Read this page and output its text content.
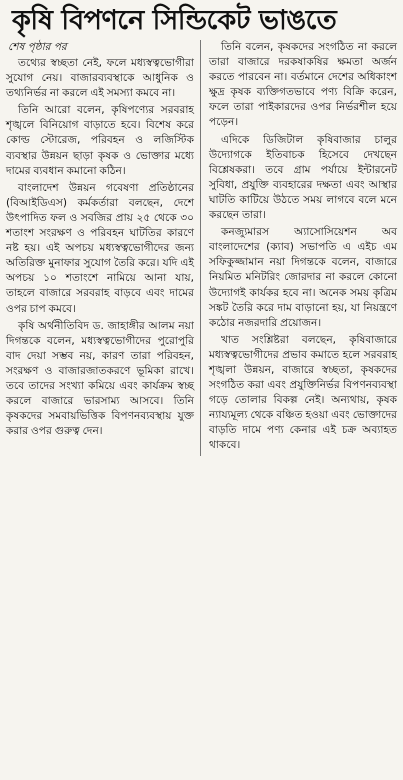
কৃষি বিপণনে সিন্ডিকেট ভাঙতে
শেষ পৃষ্ঠার পর

তথ্যের স্বচ্ছতা নেই, ফলে মধ্যস্বত্বভোগীরা সুযোগ নেয়। বাজারব্যবস্থাকে আধুনিক ও তথ্যনির্ভর না করলে এই সমস্যা কমবে না।

তিনি আরো বলেন, কৃষিপণ্যের সরবরাহ শৃঙ্খলে বিনিয়োগ বাড়াতে হবে। বিশেষ করে কোল্ড স্টোরেজ, পরিবহন ও লজিস্টিক ব্যবস্থার উন্নয়ন ছাড়া কৃষক ও ভোক্তার মধ্যে দামের ব্যবধান কমানো কঠিন।

বাংলাদেশ উন্নয়ন গবেষণা প্রতিষ্ঠানের (বিআইডিএস) কর্মকর্তারা বলছেন, দেশে উৎপাদিত ফল ও সবজির প্রায় ২৫ থেকে ৩০ শতাংশ সংরক্ষণ ও পরিবহন ঘাটতির কারণে নষ্ট হয়। এই অপচয় মধ্যস্বত্বভোগীদের জন্য অতিরিক্ত মুনাফার সুযোগ তৈরি করে। যদি এই অপচয় ১০ শতাংশে নামিয়ে আনা যায়, তাহলে বাজারে সরবরাহ বাড়বে এবং দামের ওপর চাপ কমবে।

কৃষি অর্থনীতিবিদ ড. জাহাঙ্গীর আলম নয়া দিগন্তকে বলেন, মধ্যস্বত্বভোগীদের পুরোপুরি বাদ দেয়া সম্ভব নয়, কারণ তারা পরিবহন, সংরক্ষণ ও বাজারজাতকরণে ভূমিকা রাখে। তবে তাদের সংখ্যা কমিয়ে এবং কার্যক্রম স্বচ্ছ করলে বাজারে ভারসাম্য আসবে। তিনি কৃষকদের সমবায়ভিত্তিক বিপণনব্যবস্থায় যুক্ত করার ওপর গুরুত্ব দেন।

তিনি বলেন, কৃষকদের সংগঠিত না করলে তারা বাজারে দরকষাকষির ক্ষমতা অর্জন করতে পারবেন না। বর্তমানে দেশের অধিকাংশ ক্ষুদ্র কৃষক ব্যক্তিগতভাবে পণ্য বিক্রি করেন, ফলে তারা পাইকারদের ওপর নির্ভরশীল হয়ে পড়েন।

এদিকে ডিজিটাল কৃষিবাজার চালুর উদ্যোগকে ইতিবাচক হিসেবে দেখছেন বিশ্লেষকরা। তবে গ্রাম পর্যায়ে ইন্টারনেট সুবিধা, প্রযুক্তি ব্যবহারের দক্ষতা এবং আস্থার ঘাটতি কাটিয়ে উঠতে সময় লাগবে বলে মনে করছেন তারা।

কনজ্যুমারস অ্যাসোসিয়েশন অব বাংলাদেশের (ক্যাব) সভাপতি এ এইচ এম সফিকুজ্জামান নয়া দিগন্তকে বলেন, বাজারে নিয়মিত মনিটরিং জোরদার না করলে কোনো উদ্যোগই কার্যকর হবে না। অনেক সময় কৃত্রিম সঙ্কট তৈরি করে দাম বাড়ানো হয়, যা নিয়ন্ত্রণে কঠোর নজরদারি প্রয়োজন।

খাত সংশ্লিষ্টরা বলছেন, কৃষিবাজারে মধ্যস্বত্বভোগীদের প্রভাব কমাতে হলে সরবরাহ শৃঙ্খলা উন্নয়ন, বাজারে স্বচ্ছতা, কৃষকদের সংগঠিত করা এবং প্রযুক্তিনির্ভর বিপণনব্যবস্থা গড়ে তোলার বিকল্প নেই। অন্যথায়, কৃষক ন্যায্যমূল্য থেকে বঞ্চিত হওয়া এবং ভোক্তাদের বাড়তি দামে পণ্য কেনার এই চক্র অব্যাহত থাকবে।
